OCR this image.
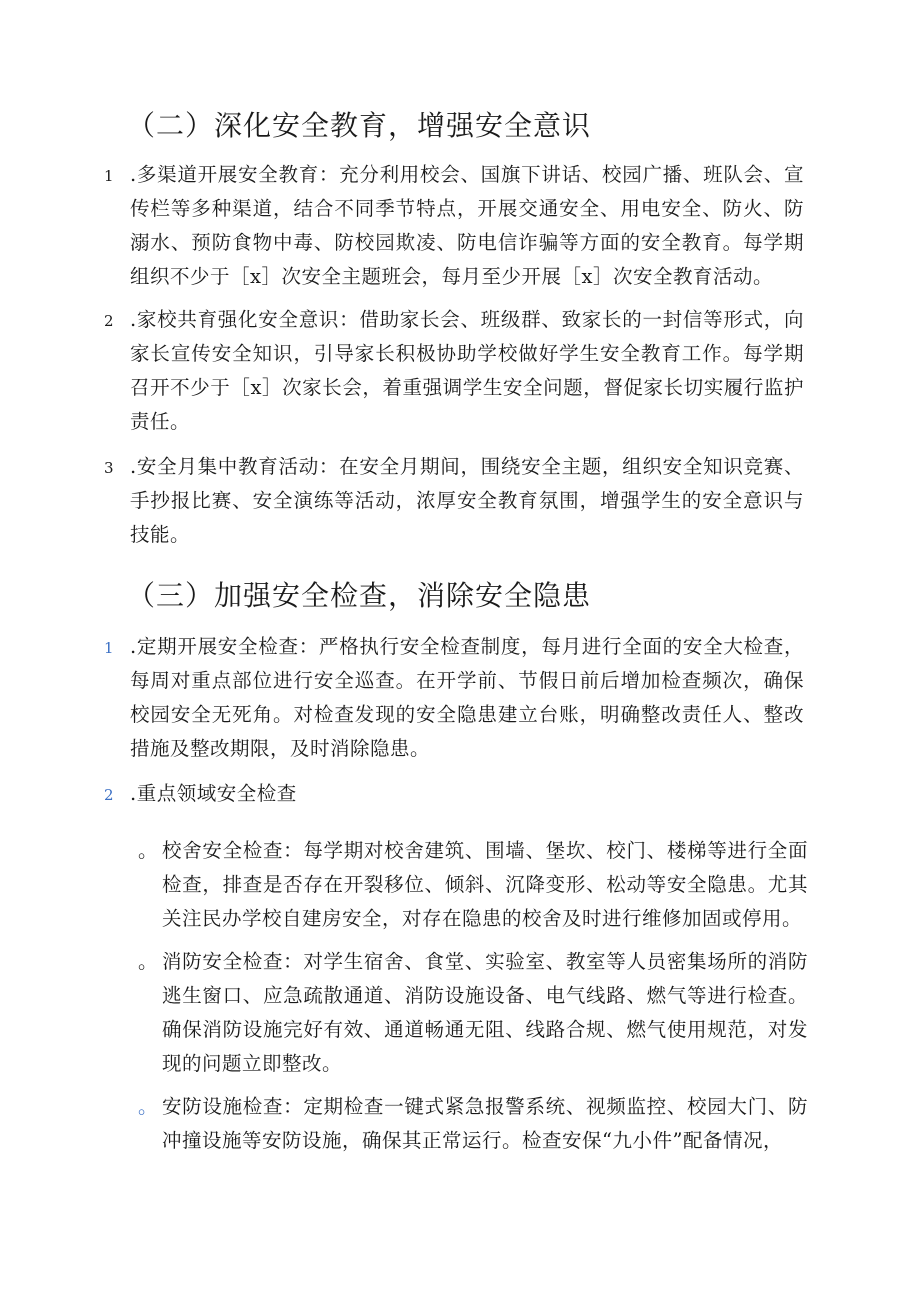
（二）深化安全教育，增强安全意识
1 .多渠道开展安全教育：充分利用校会、国旗下讲话、校园广播、班队会、宣传栏等多种渠道，结合不同季节特点，开展交通安全、用电安全、防火、防溺水、预防食物中毒、防校园欺凌、防电信诈骗等方面的安全教育。每学期组织不少于［x］次安全主题班会，每月至少开展［x］次安全教育活动。
2 .家校共育强化安全意识：借助家长会、班级群、致家长的一封信等形式，向家长宣传安全知识，引导家长积极协助学校做好学生安全教育工作。每学期召开不少于［x］次家长会，着重强调学生安全问题，督促家长切实履行监护责任。
3 .安全月集中教育活动：在安全月期间，围绕安全主题，组织安全知识竞赛、手抄报比赛、安全演练等活动，浓厚安全教育氛围，增强学生的安全意识与技能。
（三）加强安全检查，消除安全隐患
1 .定期开展安全检查：严格执行安全检查制度，每月进行全面的安全大检查，每周对重点部位进行安全巡查。在开学前、节假日前后增加检查频次，确保校园安全无死角。对检查发现的安全隐患建立台账，明确整改责任人、整改措施及整改期限，及时消除隐患。
2 .重点领域安全检查
。 校舍安全检查：每学期对校舍建筑、围墙、堡坎、校门、楼梯等进行全面检查，排查是否存在开裂移位、倾斜、沉降变形、松动等安全隐患。尤其关注民办学校自建房安全，对存在隐患的校舍及时进行维修加固或停用。
。 消防安全检查：对学生宿舍、食堂、实验室、教室等人员密集场所的消防逃生窗口、应急疏散通道、消防设施设备、电气线路、燃气等进行检查。确保消防设施完好有效、通道畅通无阻、线路合规、燃气使用规范，对发现的问题立即整改。
。 安防设施检查：定期检查一键式紧急报警系统、视频监控、校园大门、防冲撞设施等安防设施，确保其正常运行。检查安保“九小件”配备情况，
